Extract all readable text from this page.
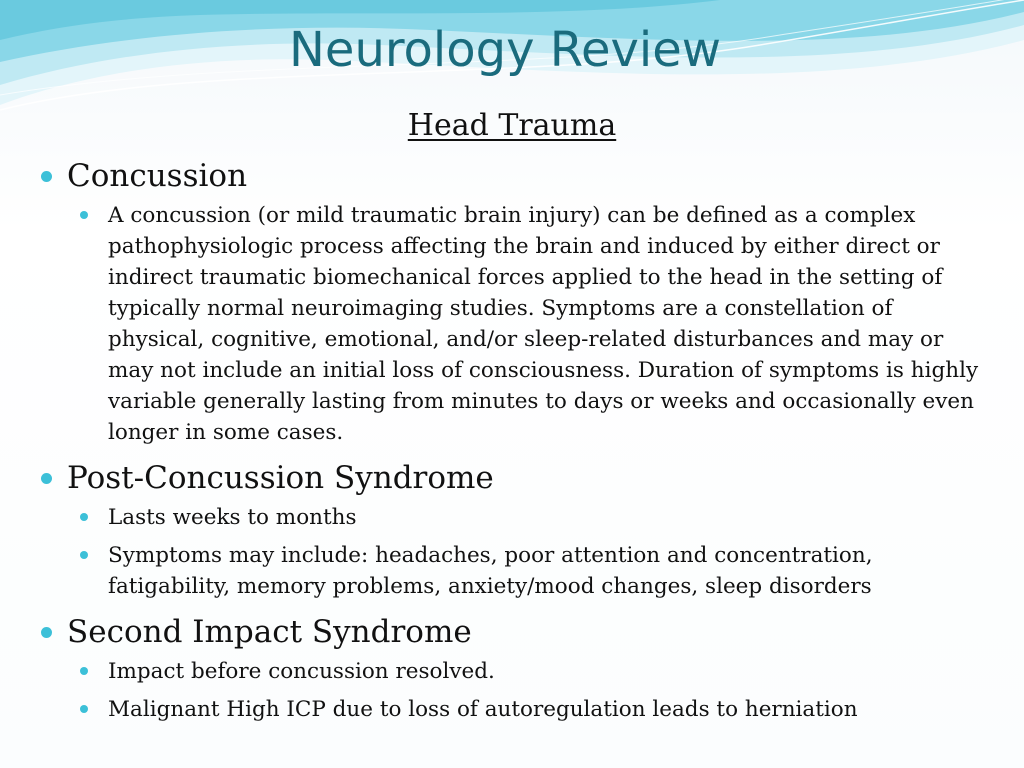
Neurology Review
Head Trauma
Concussion
A concussion (or mild traumatic brain injury) can be defined as a complex pathophysiologic process affecting the brain and induced by either direct or indirect traumatic biomechanical forces applied to the head in the setting of typically normal neuroimaging studies. Symptoms are a constellation of physical, cognitive, emotional, and/or sleep-related disturbances and may or may not include an initial loss of consciousness. Duration of symptoms is highly variable generally lasting from minutes to days or weeks and occasionally even longer in some cases.
Post-Concussion Syndrome
Lasts weeks to months
Symptoms may include: headaches, poor attention and concentration, fatigability, memory problems, anxiety/mood changes, sleep disorders
Second Impact Syndrome
Impact before concussion resolved.
Malignant High ICP due to loss of autoregulation leads to herniation
